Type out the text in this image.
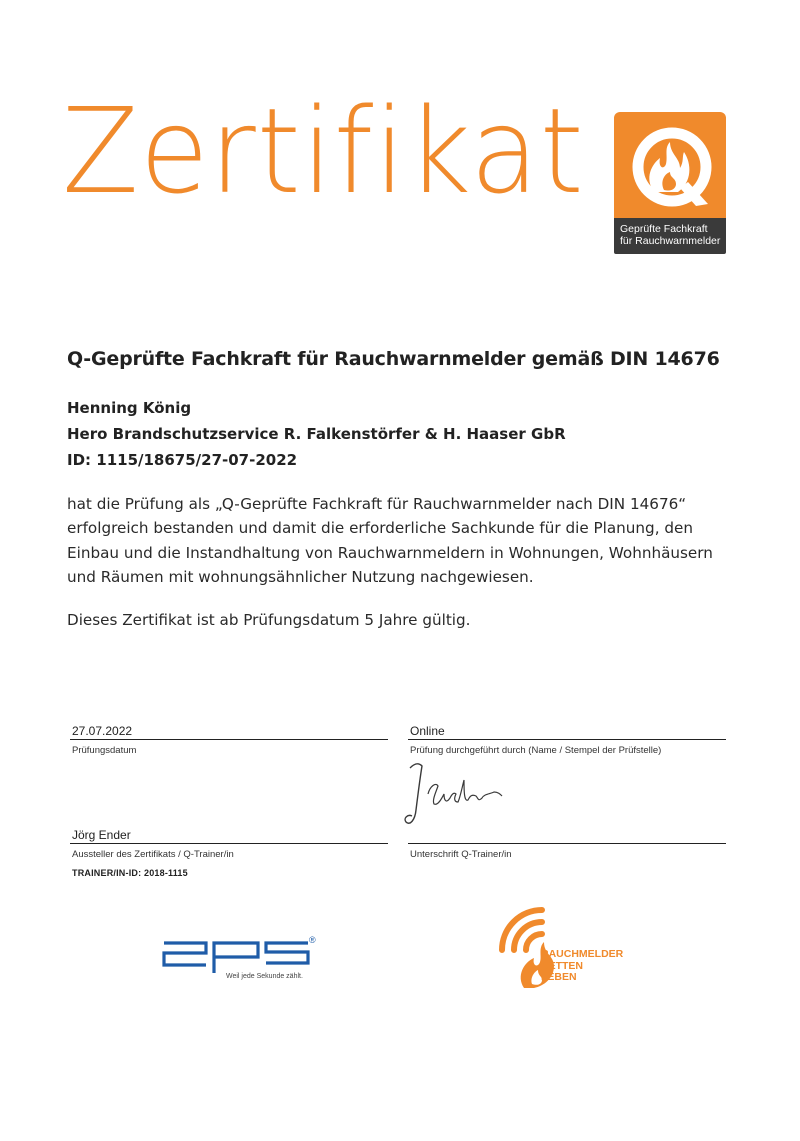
Zertifikat
Geprüfte Fachkraft
für Rauchwarnmelder
Q-Geprüfte Fachkraft für Rauchwarnmelder gemäß DIN 14676
Henning König
Hero Brandschutzservice R. Falkenstörfer & H. Haaser GbR
ID: 1115/18675/27-07-2022
hat die Prüfung als „Q-Geprüfte Fachkraft für Rauchwarnmelder nach DIN 14676“
erfolgreich bestanden und damit die erforderliche Sachkunde für die Planung, den
Einbau und die Instandhaltung von Rauchwarnmeldern in Wohnungen, Wohnhäusern
und Räumen mit wohnungsähnlicher Nutzung nachgewiesen.
Dieses Zertifikat ist ab Prüfungsdatum 5 Jahre gültig.
27.07.2022
Prüfungsdatum
Online
Prüfung durchgeführt durch (Name / Stempel der Prüfstelle)
Jörg Ender
Aussteller des Zertifikats / Q-Trainer/in
TRAINER/IN-ID: 2018-1115
Unterschrift Q-Trainer/in
®
Weil jede Sekunde zählt.
RAUCHMELDER
RETTEN
LEBEN
